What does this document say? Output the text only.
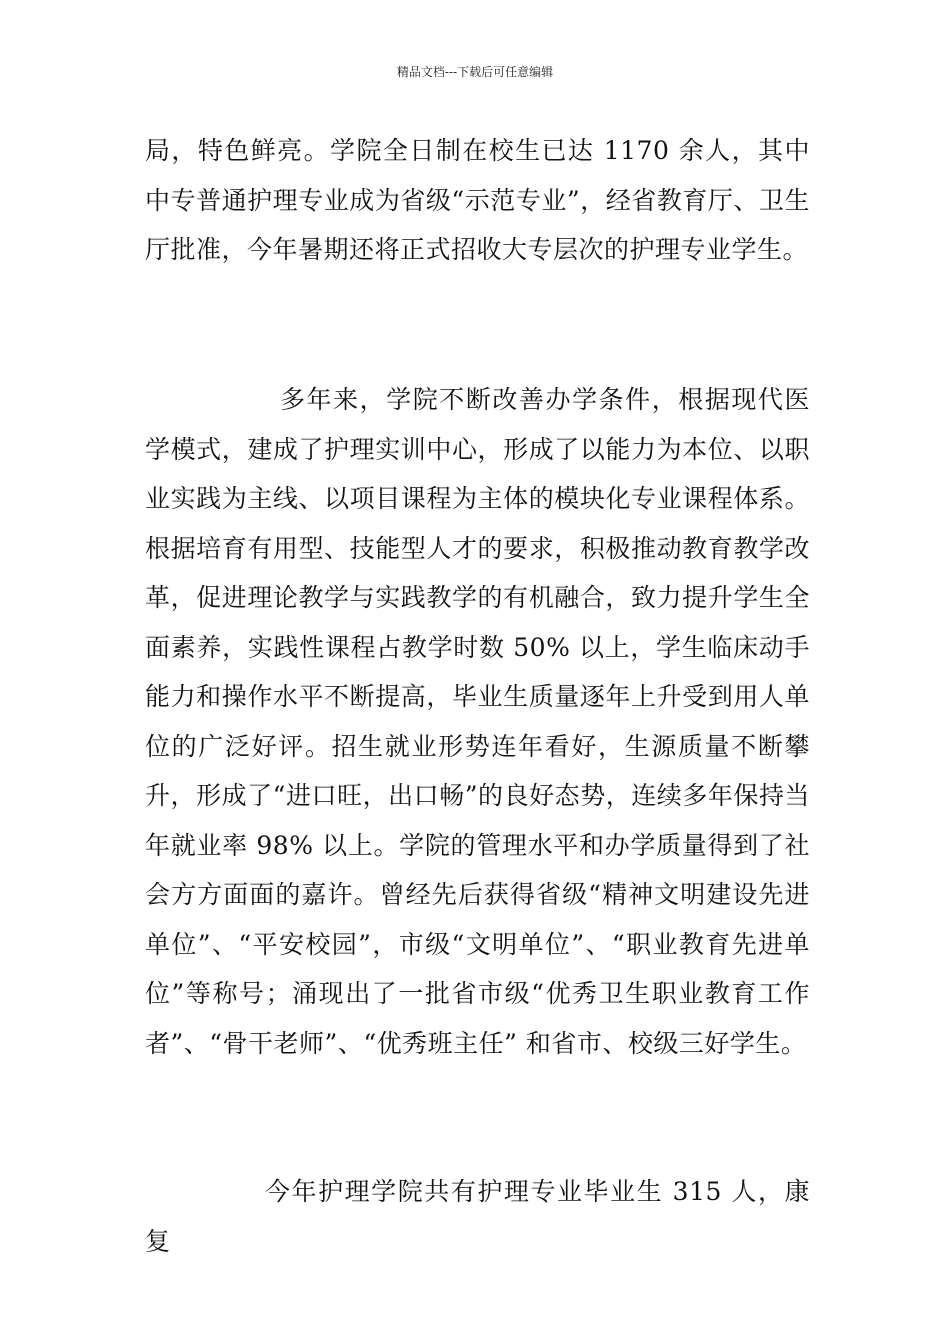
精品文档---下载后可任意编辑

局，特色鲜亮。学院全日制在校生已达 1170 余人，其中中专普通护理专业成为省级“示范专业”，经省教育厅、卫生厅批准，今年暑期还将正式招收大专层次的护理专业学生。

多年来，学院不断改善办学条件，根据现代医学模式，建成了护理实训中心，形成了以能力为本位、以职业实践为主线、以项目课程为主体的模块化专业课程体系。根据培育有用型、技能型人才的要求，积极推动教育教学改革，促进理论教学与实践教学的有机融合，致力提升学生全面素养，实践性课程占教学时数 50% 以上，学生临床动手能力和操作水平不断提高，毕业生质量逐年上升受到用人单位的广泛好评。招生就业形势连年看好，生源质量不断攀升，形成了“进口旺，出口畅”的良好态势，连续多年保持当年就业率 98% 以上。学院的管理水平和办学质量得到了社会方方面面的嘉许。曾经先后获得省级“精神文明建设先进单位”、“平安校园”，市级“文明单位”、“职业教育先进单位”等称号；涌现出了一批省市级“优秀卫生职业教育工作者”、“骨干老师”、“优秀班主任” 和省市、校级三好学生。

今年护理学院共有护理专业毕业生 315 人，康复
